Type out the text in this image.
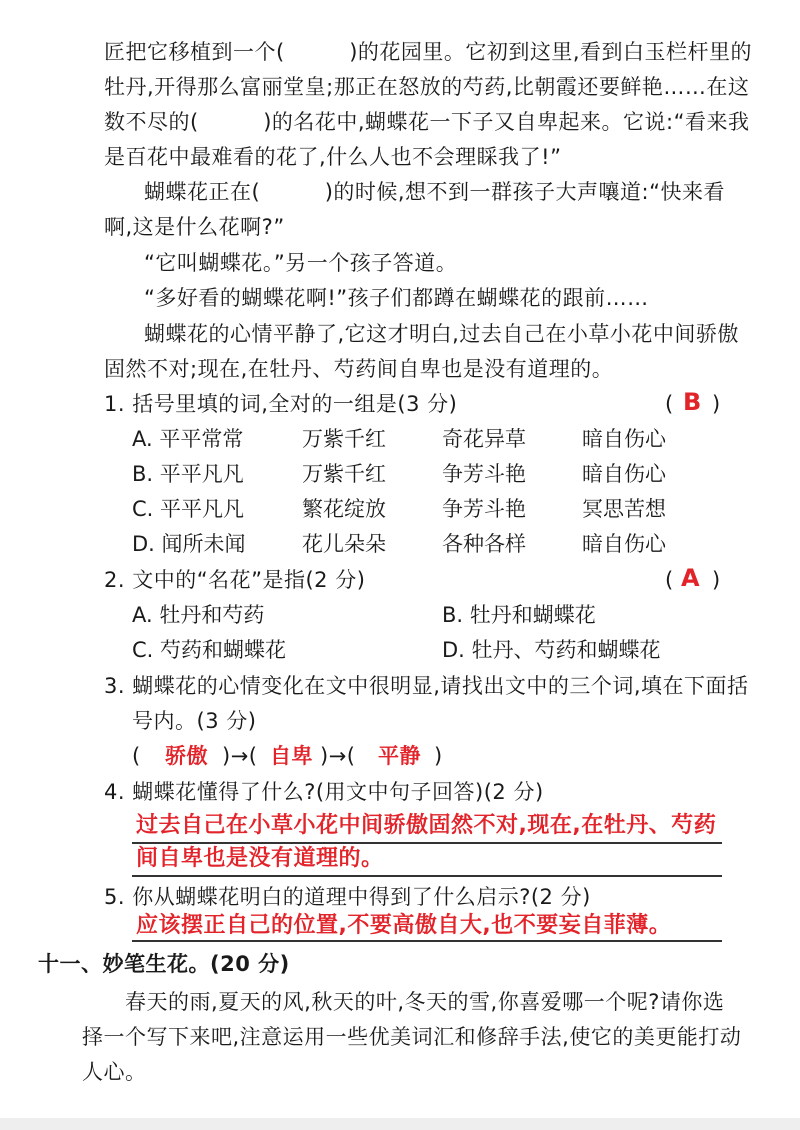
匠把它移植到一个(　　　)的花园里。它初到这里,看到白玉栏杆里的
牡丹,开得那么富丽堂皇;那正在怒放的芍药,比朝霞还要鲜艳……在这
数不尽的(　　　)的名花中,蝴蝶花一下子又自卑起来。它说:“看来我
是百花中最难看的花了,什么人也不会理睬我了!”
蝴蝶花正在(　　　)的时候,想不到一群孩子大声嚷道:“快来看
啊,这是什么花啊?”
“它叫蝴蝶花。”另一个孩子答道。
“多好看的蝴蝶花啊!”孩子们都蹲在蝴蝶花的跟前……
蝴蝶花的心情平静了,它这才明白,过去自己在小草小花中间骄傲
固然不对;现在,在牡丹、芍药间自卑也是没有道理的。
1. 括号里填的词,全对的一组是(3 分)	( B )
A. 平平常常	万紫千红	奇花异草	暗自伤心
B. 平平凡凡	万紫千红	争芳斗艳	暗自伤心
C. 平平凡凡	繁花绽放	争芳斗艳	冥思苦想
D. 闻所未闻	花儿朵朵	各种各样	暗自伤心
2. 文中的“名花”是指(2 分)	( A )
A. 牡丹和芍药	B. 牡丹和蝴蝶花
C. 芍药和蝴蝶花	D. 牡丹、芍药和蝴蝶花
3. 蝴蝶花的心情变化在文中很明显,请找出文中的三个词,填在下面括
号内。(3 分)
( 骄傲 )→( 自卑 )→( 平静 )
4. 蝴蝶花懂得了什么?(用文中句子回答)(2 分)
过去自己在小草小花中间骄傲固然不对,现在,在牡丹、芍药
间自卑也是没有道理的。
5. 你从蝴蝶花明白的道理中得到了什么启示?(2 分)
应该摆正自己的位置,不要高傲自大,也不要妄自菲薄。
十一、妙笔生花。(20 分)
春天的雨,夏天的风,秋天的叶,冬天的雪,你喜爱哪一个呢?请你选
择一个写下来吧,注意运用一些优美词汇和修辞手法,使它的美更能打动
人心。
